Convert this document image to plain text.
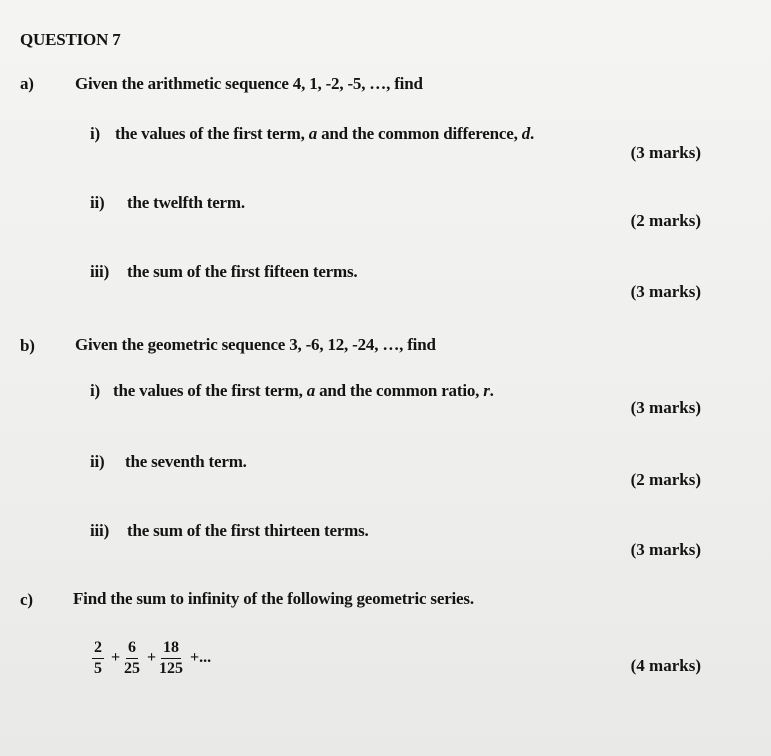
QUESTION 7
a) Given the arithmetic sequence 4, 1, -2, -5, …, find
i) the values of the first term, a and the common difference, d.
(3 marks)
ii) the twelfth term.
(2 marks)
iii) the sum of the first fifteen terms.
(3 marks)
b) Given the geometric sequence 3, -6, 12, -24, …, find
i) the values of the first term, a and the common ratio, r.
(3 marks)
ii) the seventh term.
(2 marks)
iii) the sum of the first thirteen terms.
(3 marks)
c) Find the sum to infinity of the following geometric series.
$\frac{2}{5} + \frac{6}{25} + \frac{18}{125}$ +...	(4 marks)
